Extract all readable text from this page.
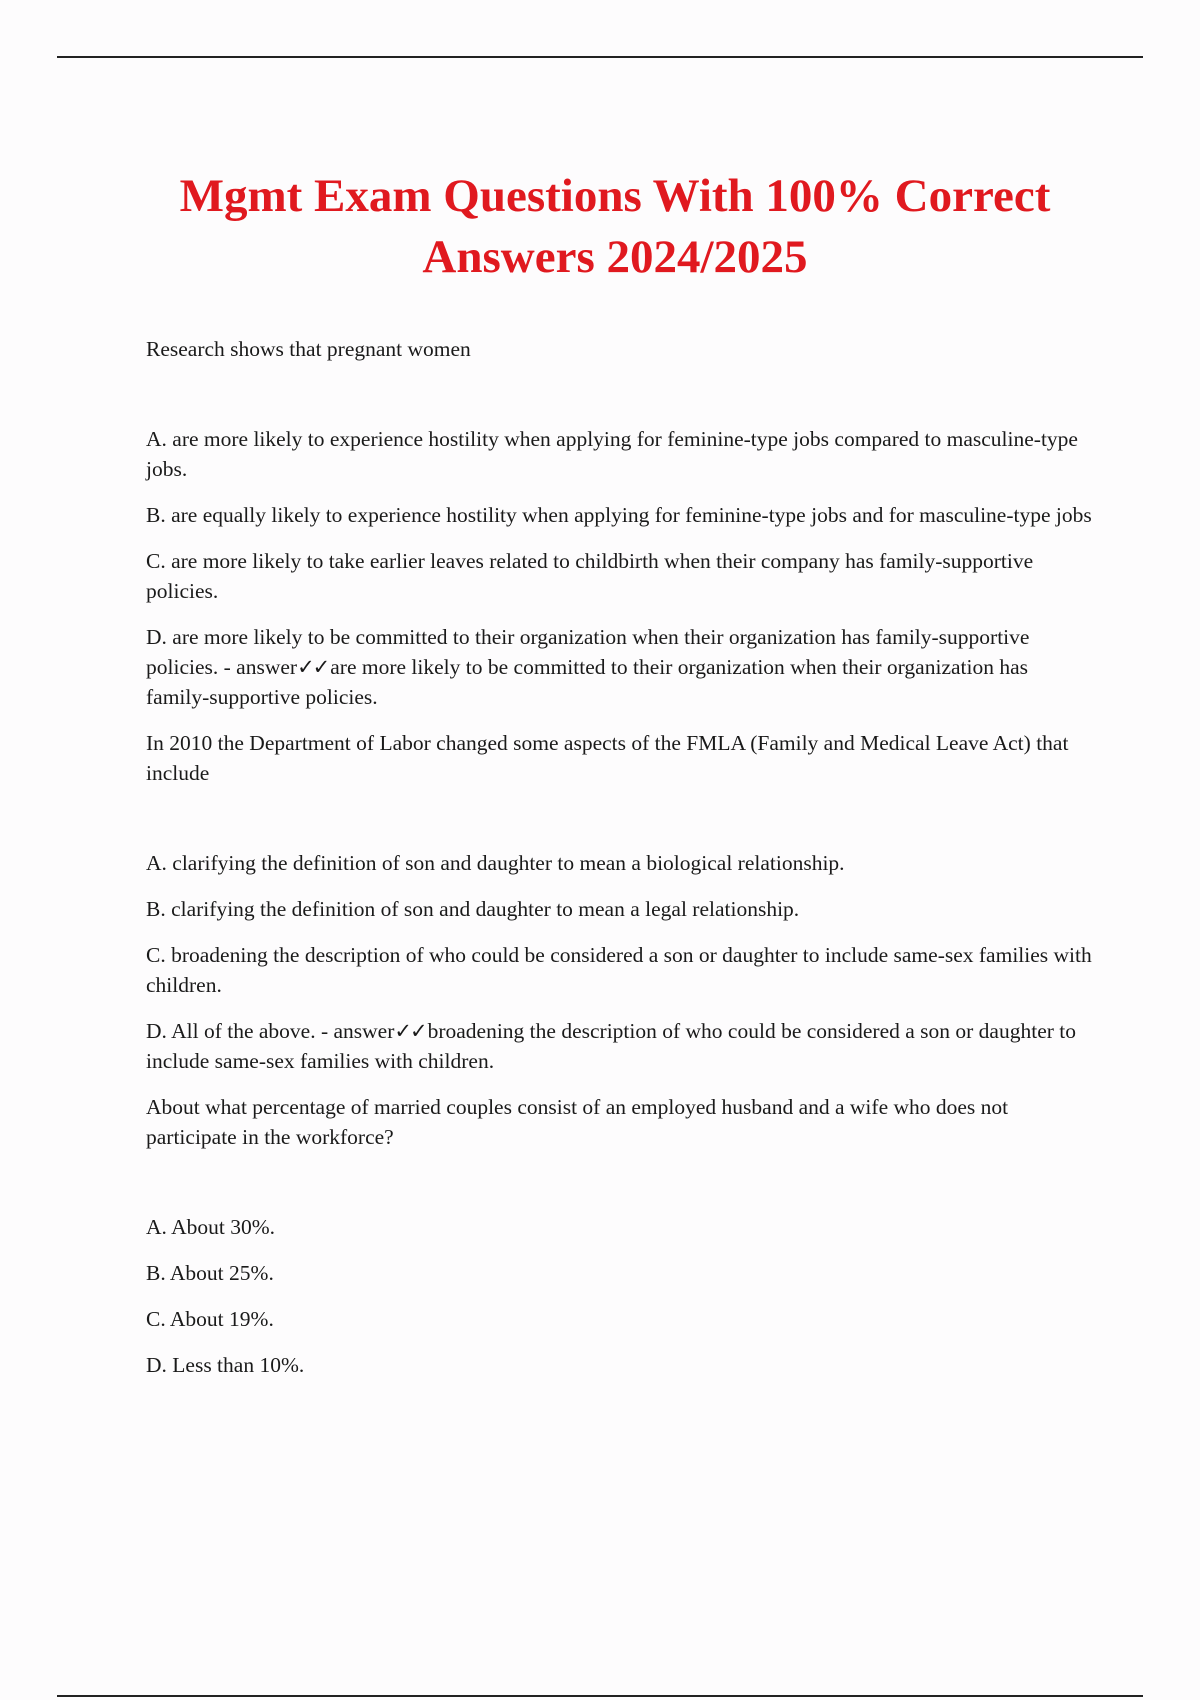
Mgmt Exam Questions With 100% Correct Answers 2024/2025

Research shows that pregnant women

A. are more likely to experience hostility when applying for feminine-type jobs compared to masculine-type jobs.

B. are equally likely to experience hostility when applying for feminine-type jobs and for masculine-type jobs

C. are more likely to take earlier leaves related to childbirth when their company has family-supportive policies.

D. are more likely to be committed to their organization when their organization has family-supportive policies. - answer✓✓are more likely to be committed to their organization when their organization has family-supportive policies.

In 2010 the Department of Labor changed some aspects of the FMLA (Family and Medical Leave Act) that include

A. clarifying the definition of son and daughter to mean a biological relationship.

B. clarifying the definition of son and daughter to mean a legal relationship.

C. broadening the description of who could be considered a son or daughter to include same-sex families with children.

D. All of the above. - answer✓✓broadening the description of who could be considered a son or daughter to include same-sex families with children.

About what percentage of married couples consist of an employed husband and a wife who does not participate in the workforce?

A. About 30%.

B. About 25%.

C. About 19%.

D. Less than 10%.
